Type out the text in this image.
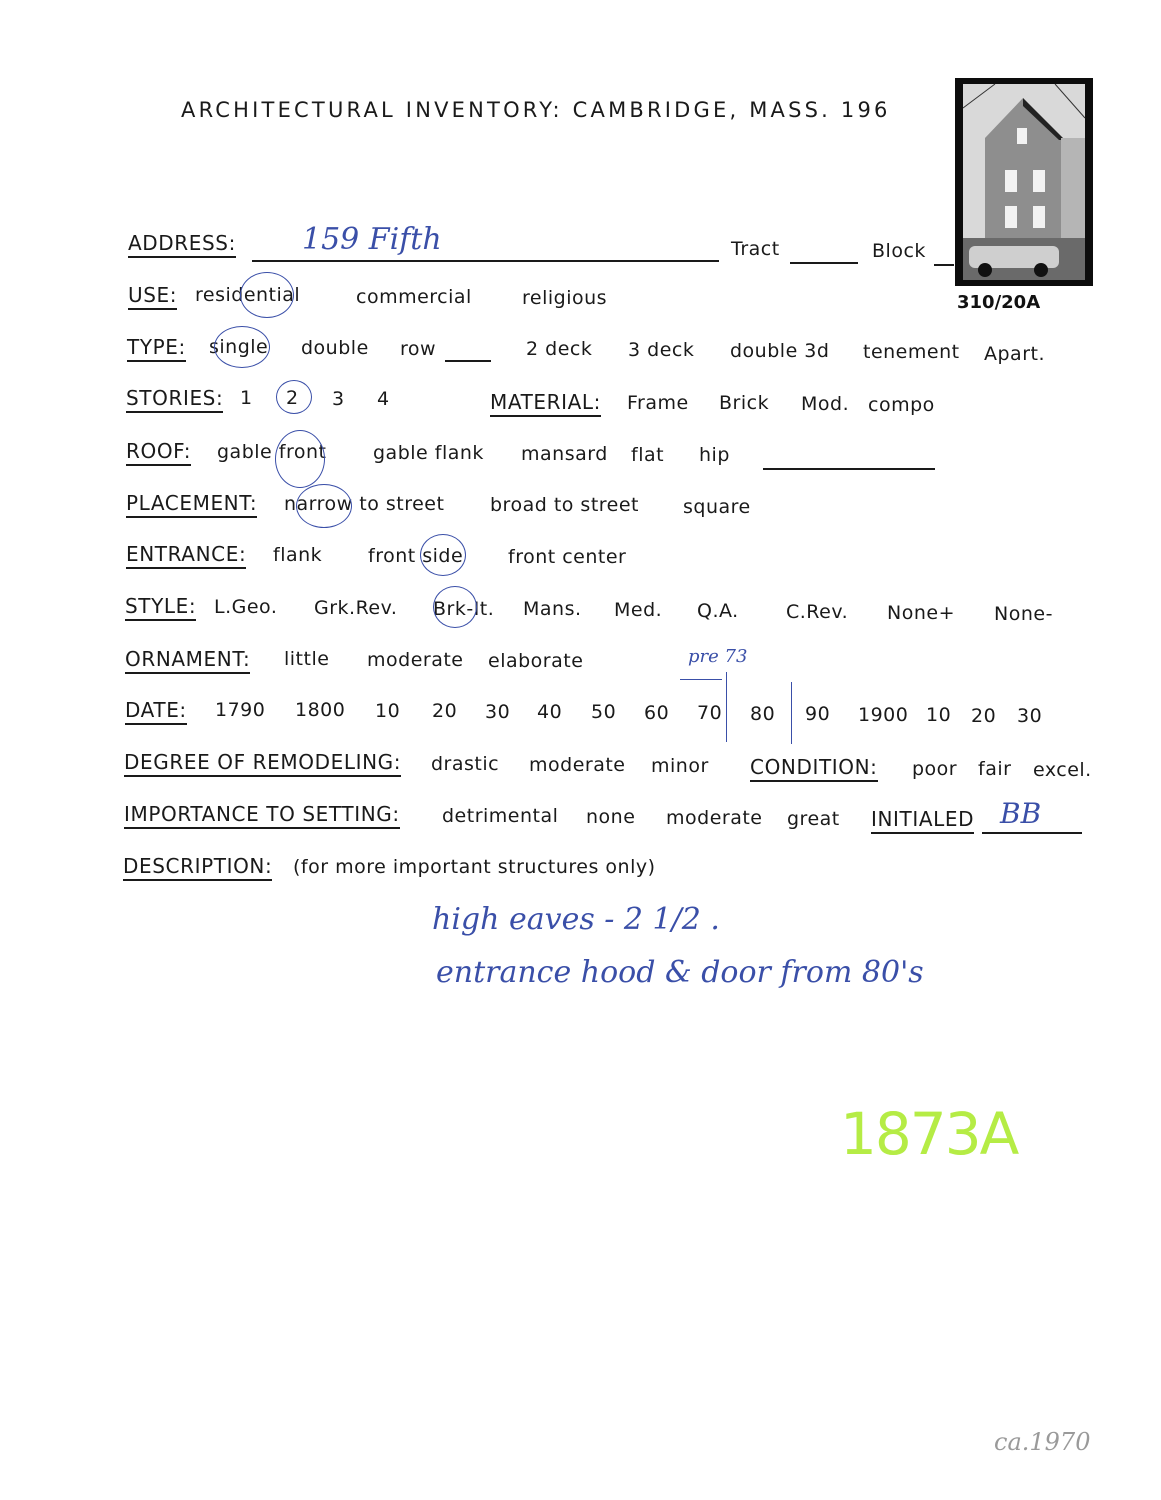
ARCHITECTURAL INVENTORY: CAMBRIDGE, MASS. 196
310/20A
ADDRESS: 159 Fifth	Tract	Block
USE: residential	commercial	religious
TYPE: single double row	2 deck 3 deck double 3d tenement Apart.
STORIES: 1 2 3 4	MATERIAL: Frame Brick Mod. compo
ROOF: gable front gable flank mansard flat hip
PLACEMENT: narrow to street broad to street square
ENTRANCE: flank front side front center
STYLE: L.Geo. Grk.Rev. Brk-It. Mans. Med. Q.A. C.Rev. None+ None-
ORNAMENT: little moderate elaborate	pre 73
DATE: 1790 1800 10 20 30 40 50 60 70 80 90 1900 10 20 30
DEGREE OF REMODELING: drastic moderate minor CONDITION: poor fair excel.
IMPORTANCE TO SETTING: detrimental none moderate great INITIALED BB
DESCRIPTION: (for more important structures only)
high eaves - 2 1/2 .
entrance hood & door from 80's
1873A
ca.1970
